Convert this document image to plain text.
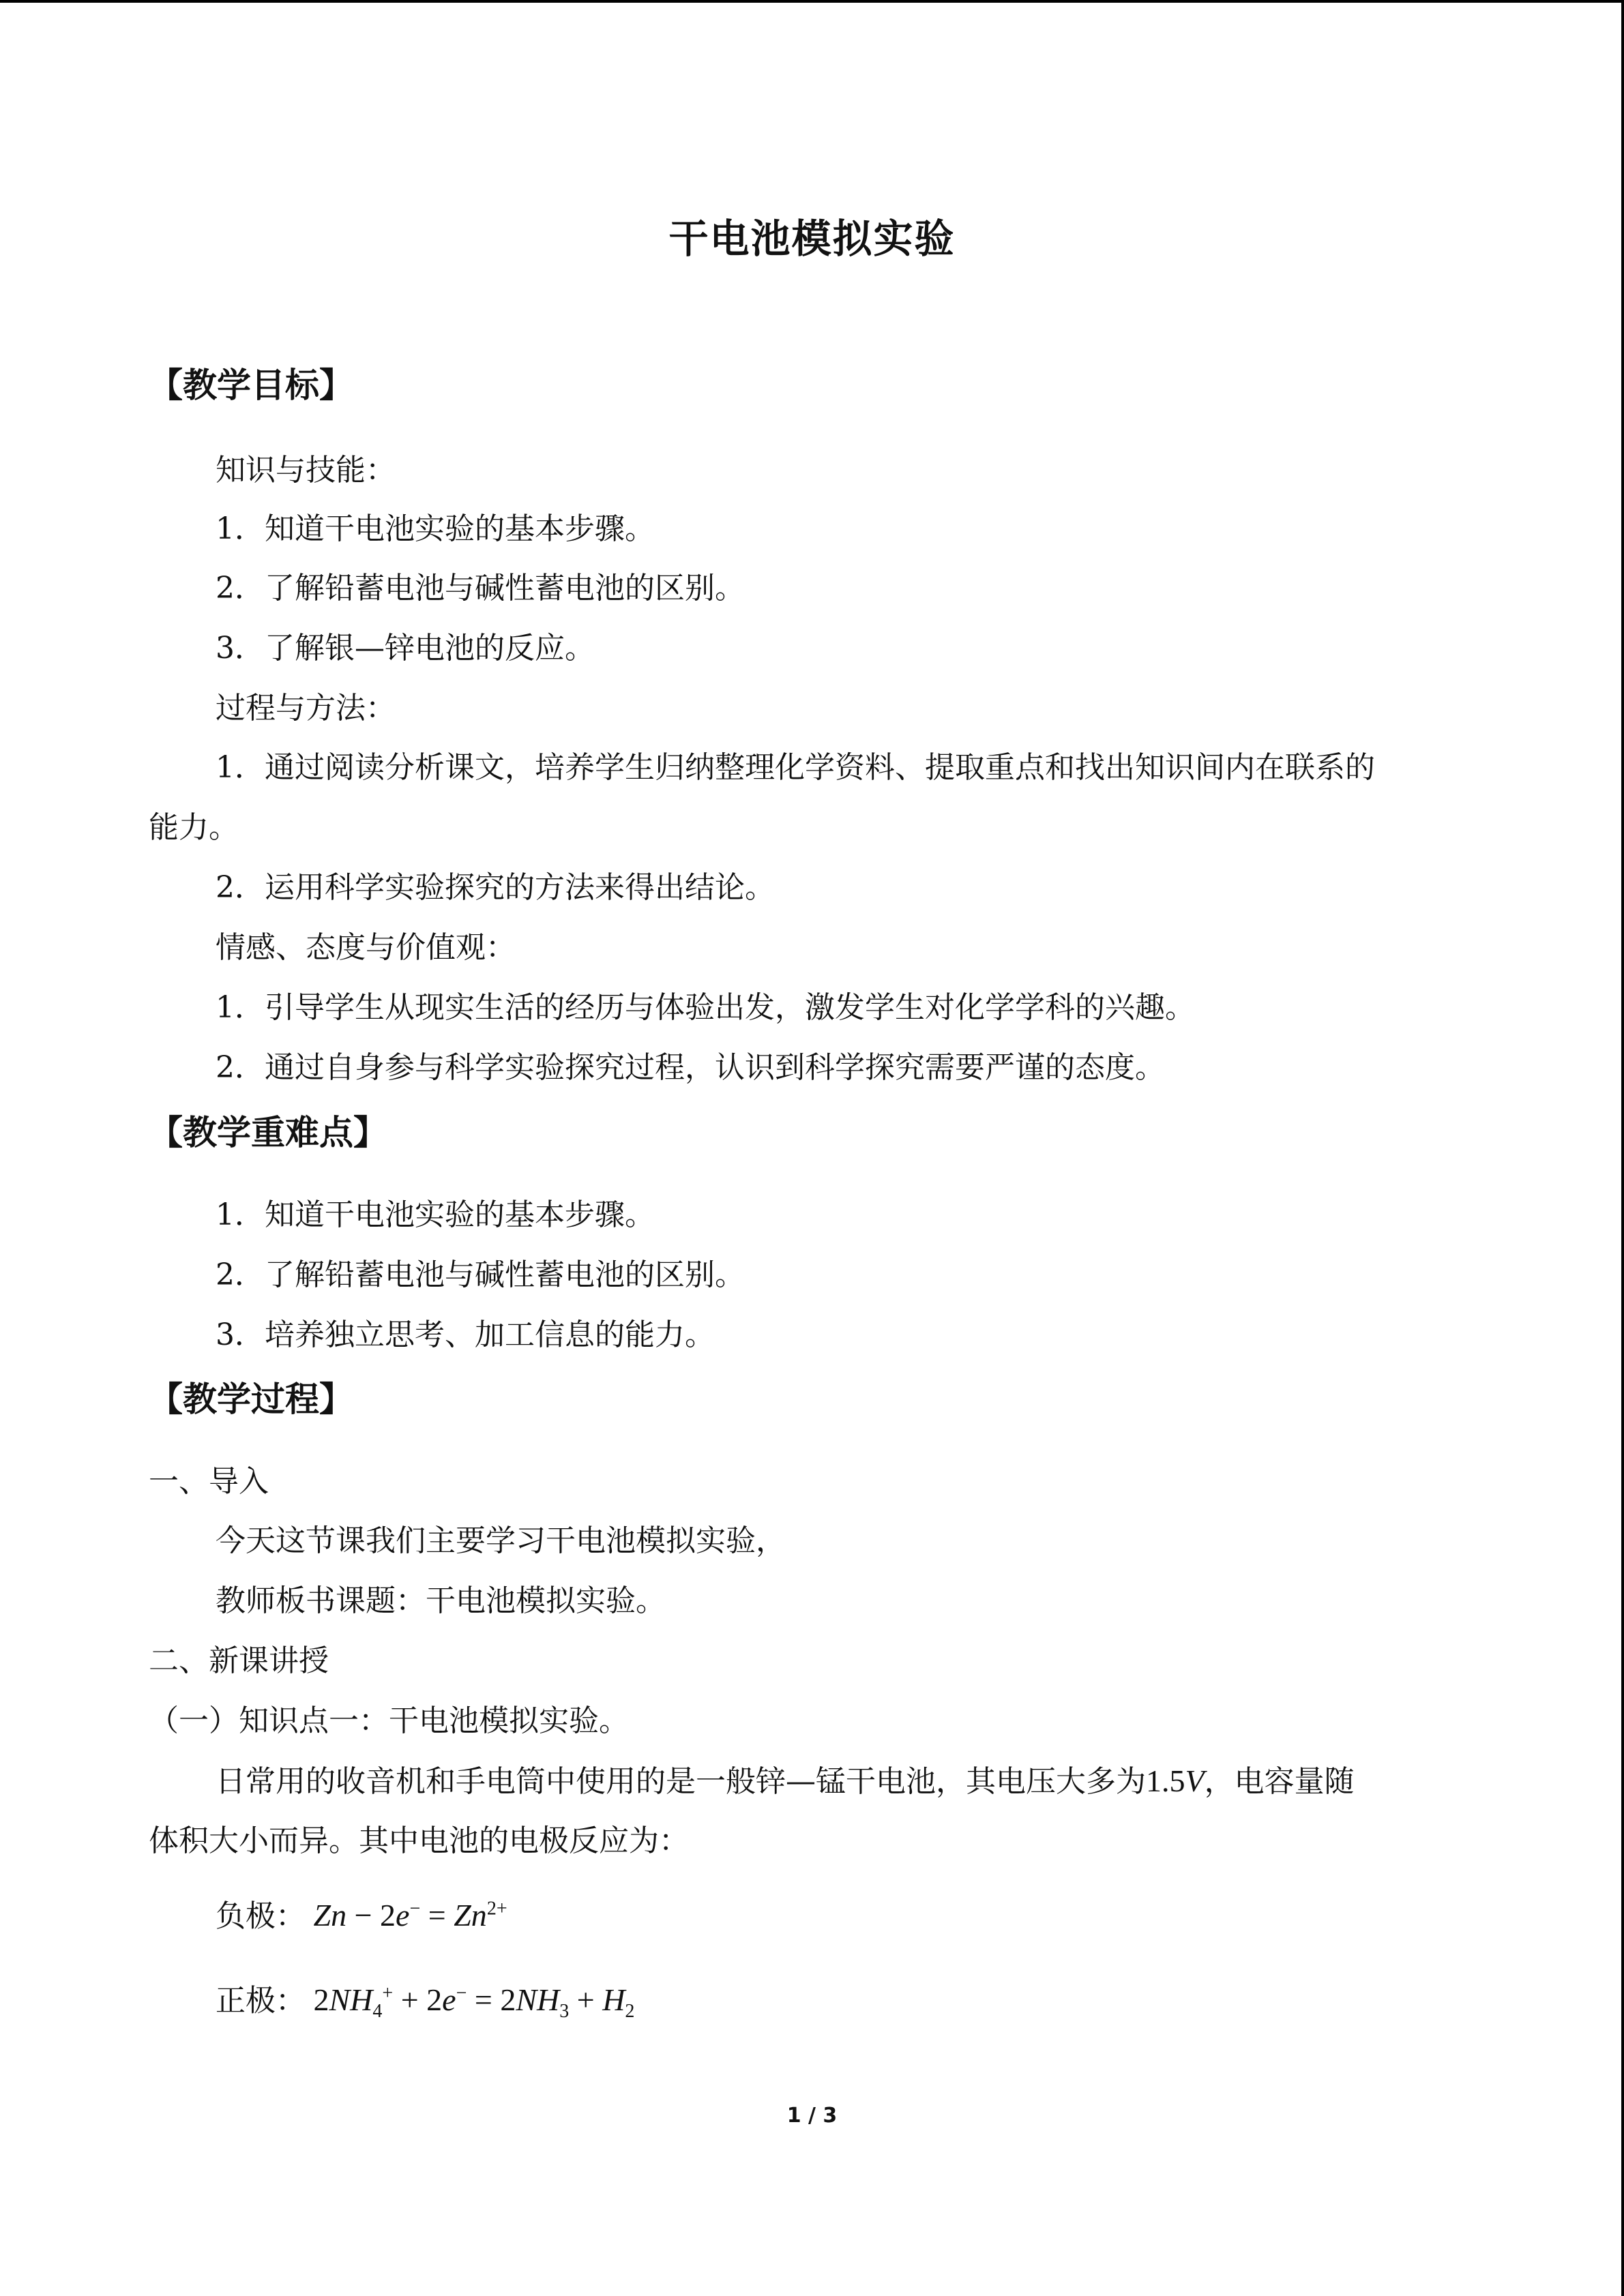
干电池模拟实验
【教学目标】
知识与技能：
1．知道干电池实验的基本步骤。
2．了解铅蓄电池与碱性蓄电池的区别。
3．了解银—锌电池的反应。
过程与方法：
1．通过阅读分析课文，培养学生归纳整理化学资料、提取重点和找出知识间内在联系的
能力。
2．运用科学实验探究的方法来得出结论。
情感、态度与价值观：
1．引导学生从现实生活的经历与体验出发，激发学生对化学学科的兴趣。
2．通过自身参与科学实验探究过程，认识到科学探究需要严谨的态度。
【教学重难点】
1．知道干电池实验的基本步骤。
2．了解铅蓄电池与碱性蓄电池的区别。
3．培养独立思考、加工信息的能力。
【教学过程】
一、导入
今天这节课我们主要学习干电池模拟实验，
教师板书课题：干电池模拟实验。
二、新课讲授
（一）知识点一：干电池模拟实验。
日常用的收音机和手电筒中使用的是一般锌—锰干电池，其电压大多为1.5V，电容量随
体积大小而异。其中电池的电极反应为：
负极： $Zn - 2e^- = Zn^{2+}$
正极： $2NH_4^+ + 2e^- = 2NH_3 + H_2$
1 / 3
